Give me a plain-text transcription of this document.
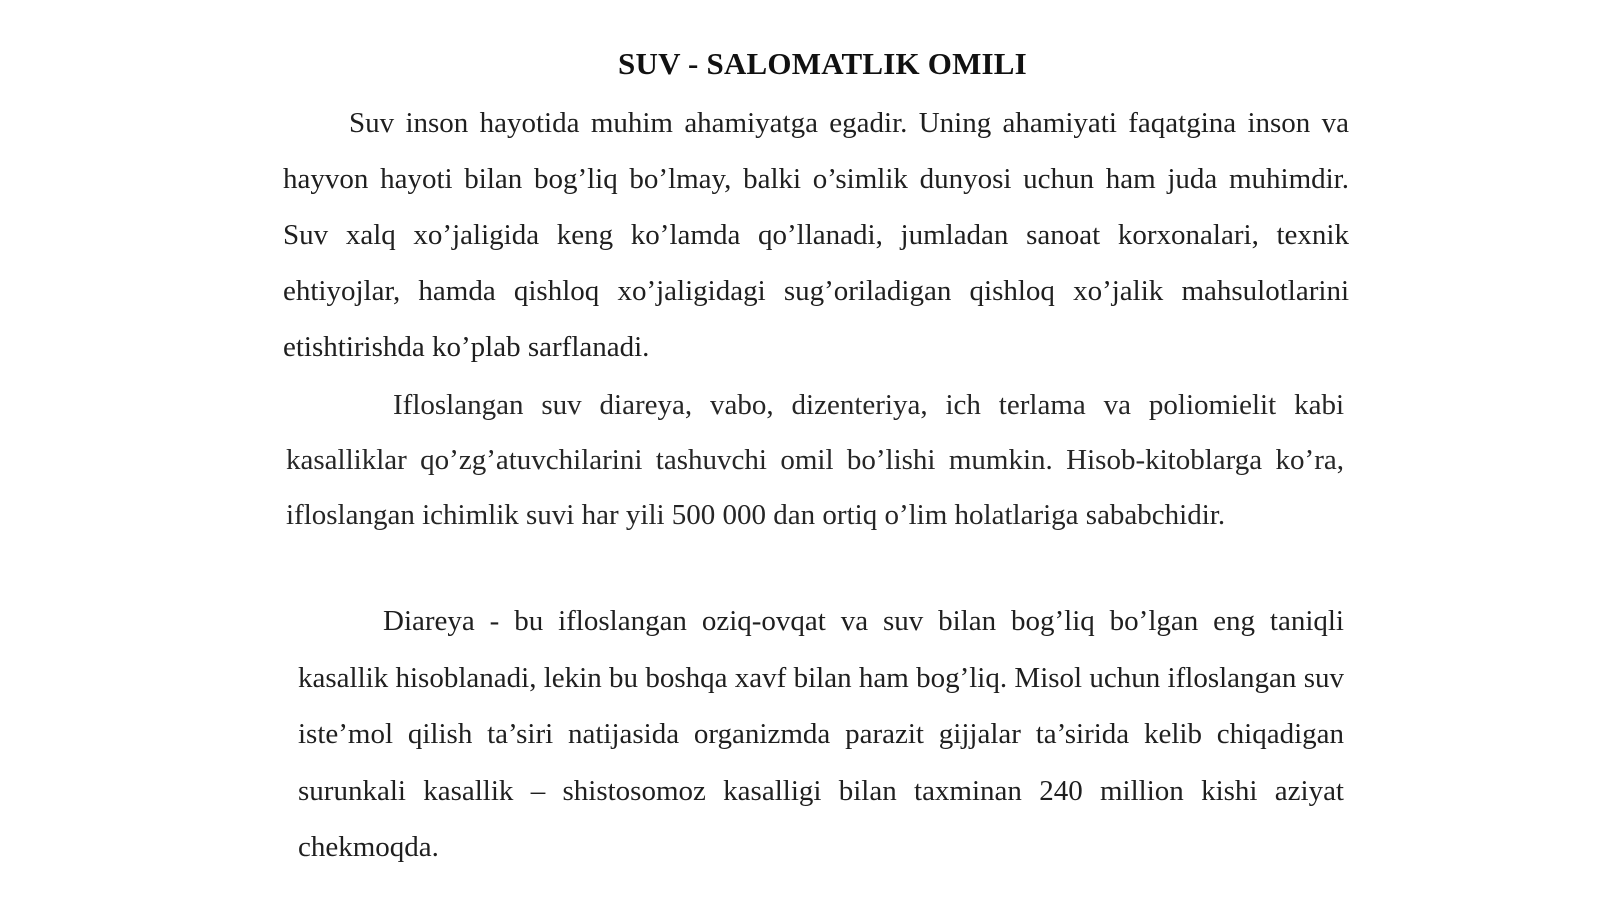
SUV - SALOMATLIK OMILI

Suv inson hayotida muhim ahamiyatga egadir. Uning ahamiyati faqatgina inson va hayvon hayoti bilan bog’liq bo’lmay, balki o’simlik dunyosi uchun ham juda muhimdir. Suv xalq xo’jaligida keng ko’lamda qo’llanadi, jumladan sanoat korxonalari, texnik ehtiyojlar, hamda qishloq xo’jaligidagi sug’oriladigan qishloq xo’jalik mahsulotlarini etishtirishda ko’plab sarflanadi.

Ifloslangan suv diareya, vabo, dizenteriya, ich terlama va poliomielit kabi kasalliklar qo’zg’atuvchilarini tashuvchi omil bo’lishi mumkin. Hisob-kitoblarga ko’ra, ifloslangan ichimlik suvi har yili 500 000 dan ortiq o’lim holatlariga sababchidir.

Diareya - bu ifloslangan oziq-ovqat va suv bilan bog’liq bo’lgan eng taniqli kasallik hisoblanadi, lekin bu boshqa xavf bilan ham bog’liq. Misol uchun ifloslangan suv iste’mol qilish ta’siri natijasida organizmda parazit gijjalar ta’sirida kelib chiqadigan surunkali kasallik – shistosomoz kasalligi bilan taxminan 240 million kishi aziyat chekmoqda.
